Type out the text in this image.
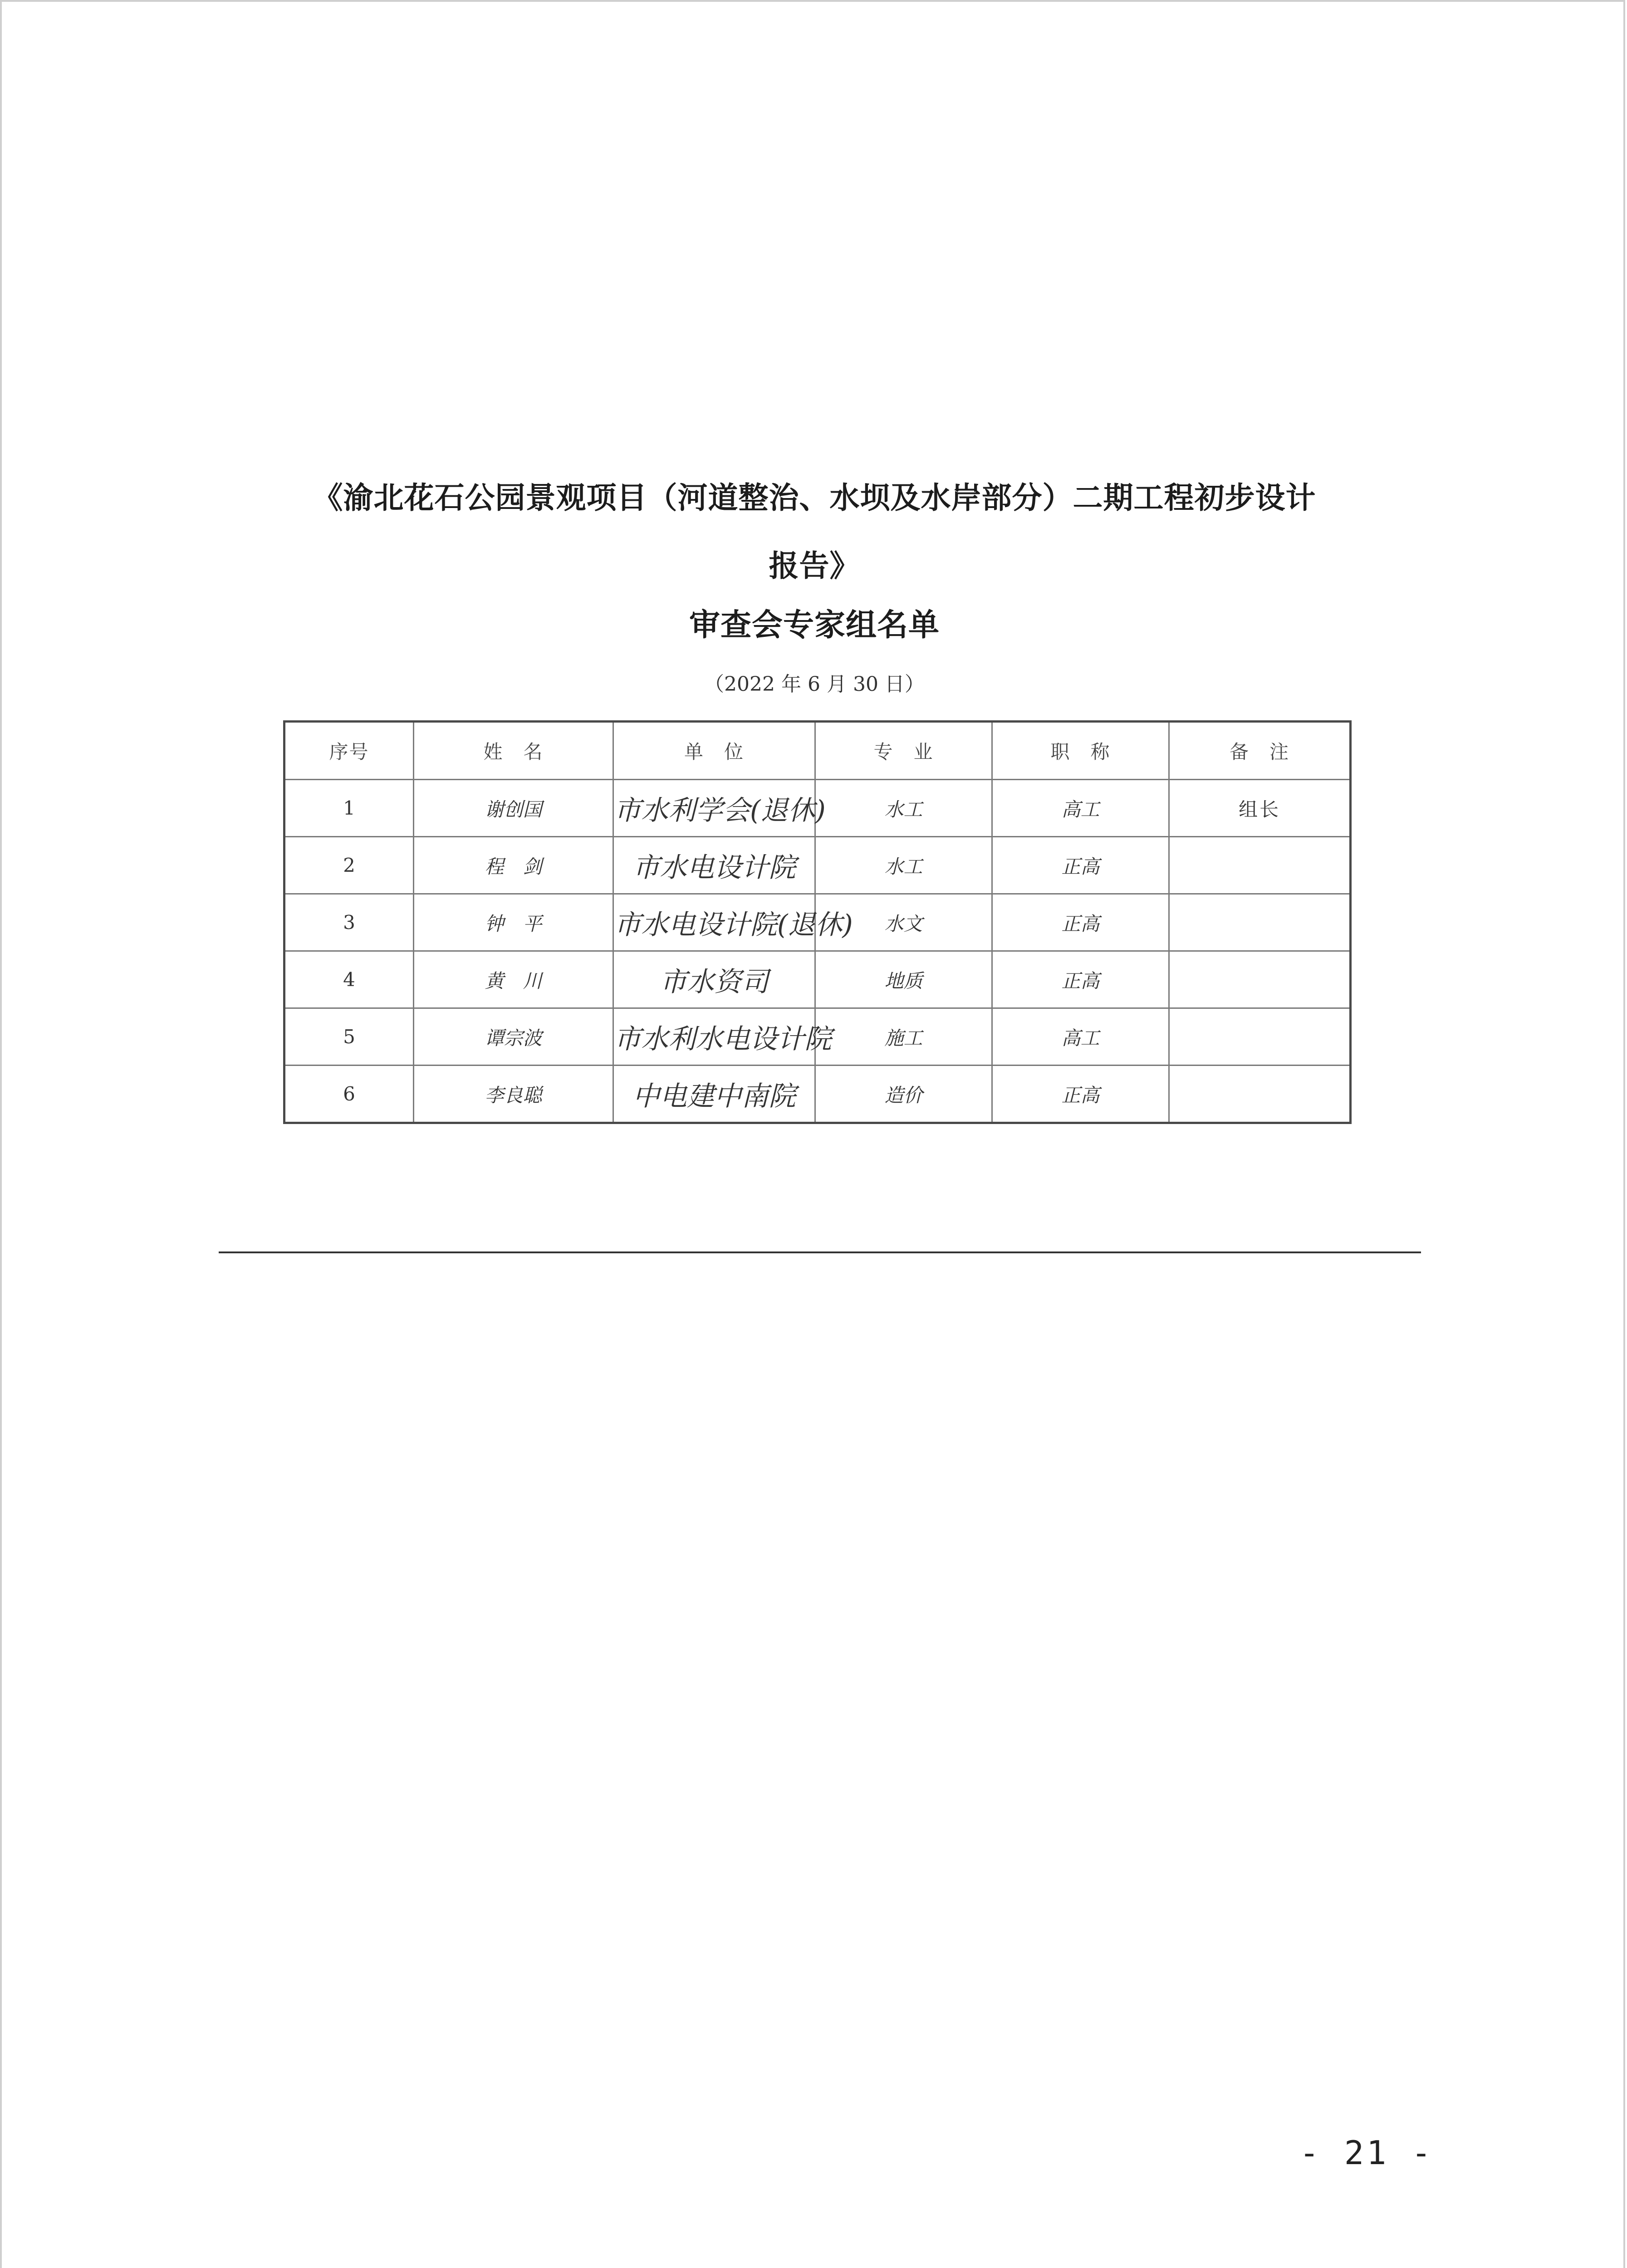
《渝北花石公园景观项目（河道整治、水坝及水岸部分）二期工程初步设计
报告》
审查会专家组名单
（2022 年 6 月 30 日）
序号	姓　名	单　位	专　业	职　称	备　注
1	谢创国	市水利学会(退休)	水工	高工	组长
2	程　剑	市水电设计院	水工	正高	
3	钟　平	市水电设计院(退休)	水文	正高	
4	黄　川	市水资司	地质	正高	
5	谭宗波	市水利水电设计院	施工	高工	
6	李良聪	中电建中南院	造价	正高	
- 21 -
